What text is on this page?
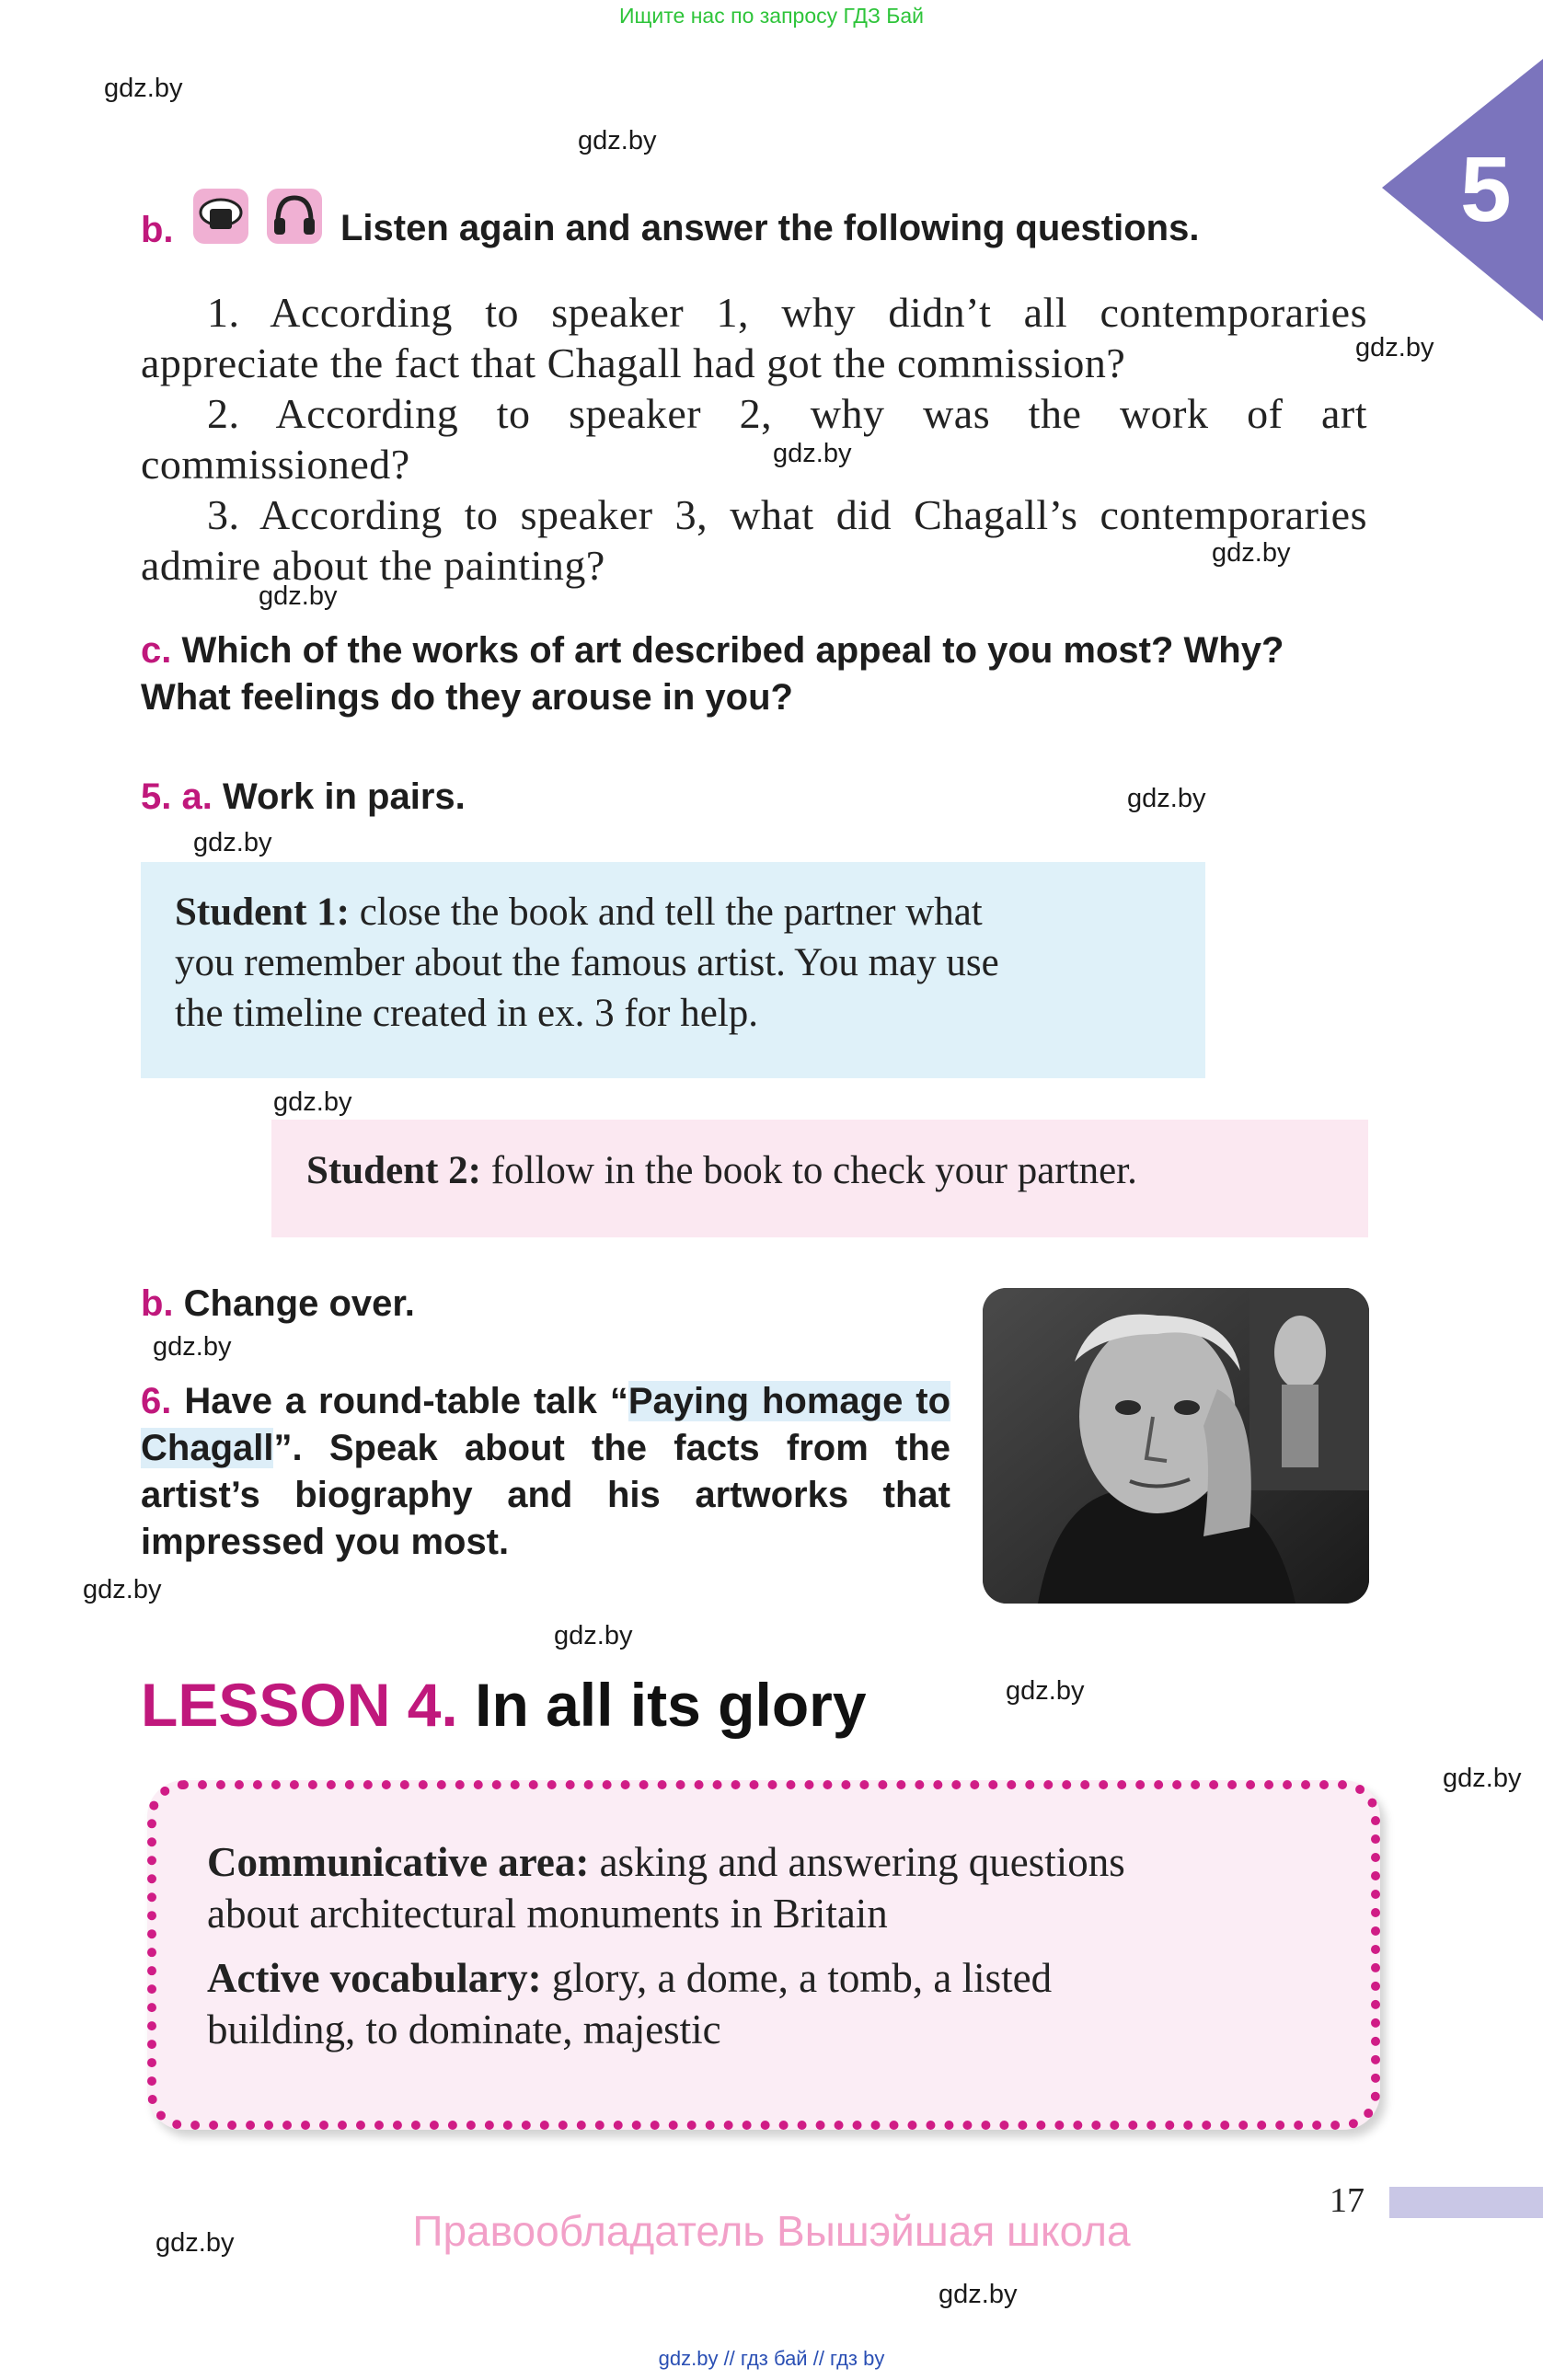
Ищите нас по запросу ГДЗ Бай
gdz.by
gdz.by
gdz.by
gdz.by
gdz.by
gdz.by
gdz.by
gdz.by
gdz.by
gdz.by
gdz.by
gdz.by
gdz.by
gdz.by
gdz.by
gdz.by
5
b.	Listen again and answer the following questions.

1. According to speaker 1, why didn’t all contemporaries appreciate the fact that Chagall had got the commission?

2. According to speaker 2, why was the work of art commissioned?

3. According to speaker 3, what did Chagall’s contemporaries admire about the painting?

c. Which of the works of art described appeal to you most? Why?
What feelings do they arouse in you?
5. a. Work in pairs.
Student 1: close the book and tell the partner what
you remember about the famous artist. You may use
the timeline created in ex. 3 for help.
Student 2: follow in the book to check your partner.
b. Change over.
6. Have a round-table talk “Paying homage to Chagall”. Speak about the facts from the artist’s biography and his artworks that impressed you most.
LESSON 4. In all its glory

Communicative area: asking and answering questions

about architectural monuments in Britain

Active vocabulary: glory, a dome, a tomb, a listed

building, to dominate, majestic

17
Правообладатель Вышэйшая школа
gdz.by // гдз бай // гдз by
